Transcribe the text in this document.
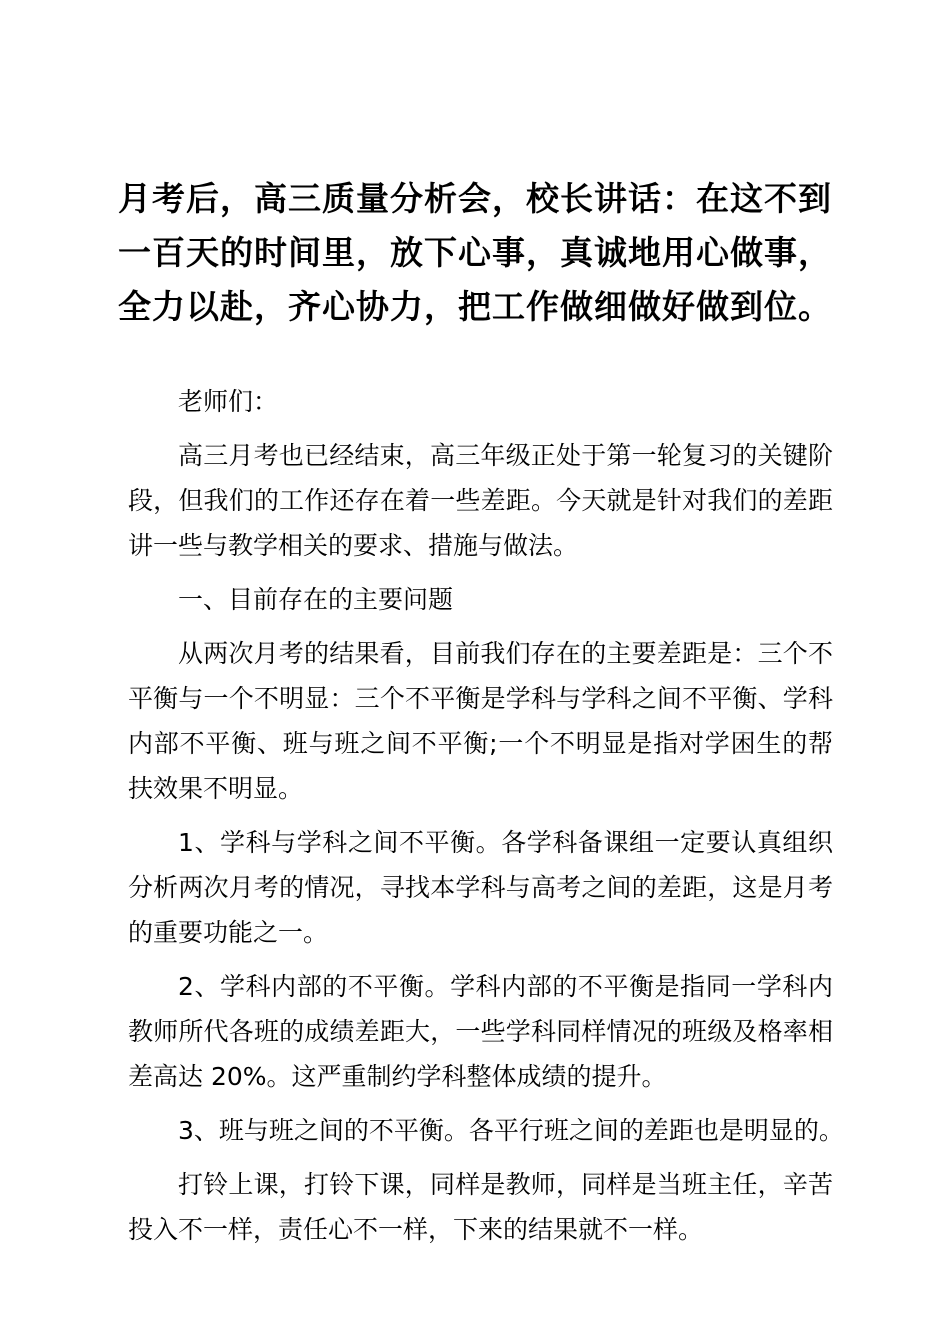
月考后，高三质量分析会，校长讲话：在这不到一百天的时间里，放下心事，真诚地用心做事，全力以赴，齐心协力，把工作做细做好做到位。

老师们：

高三月考也已经结束，高三年级正处于第一轮复习的关键阶段，但我们的工作还存在着一些差距。今天就是针对我们的差距讲一些与教学相关的要求、措施与做法。

一、目前存在的主要问题

从两次月考的结果看，目前我们存在的主要差距是：三个不平衡与一个不明显：三个不平衡是学科与学科之间不平衡、学科内部不平衡、班与班之间不平衡;一个不明显是指对学困生的帮扶效果不明显。

1、学科与学科之间不平衡。各学科备课组一定要认真组织分析两次月考的情况，寻找本学科与高考之间的差距，这是月考的重要功能之一。

2、学科内部的不平衡。学科内部的不平衡是指同一学科内教师所代各班的成绩差距大，一些学科同样情况的班级及格率相差高达 20%。这严重制约学科整体成绩的提升。

3、班与班之间的不平衡。各平行班之间的差距也是明显的。

打铃上课，打铃下课，同样是教师，同样是当班主任，辛苦投入不一样，责任心不一样，下来的结果就不一样。
